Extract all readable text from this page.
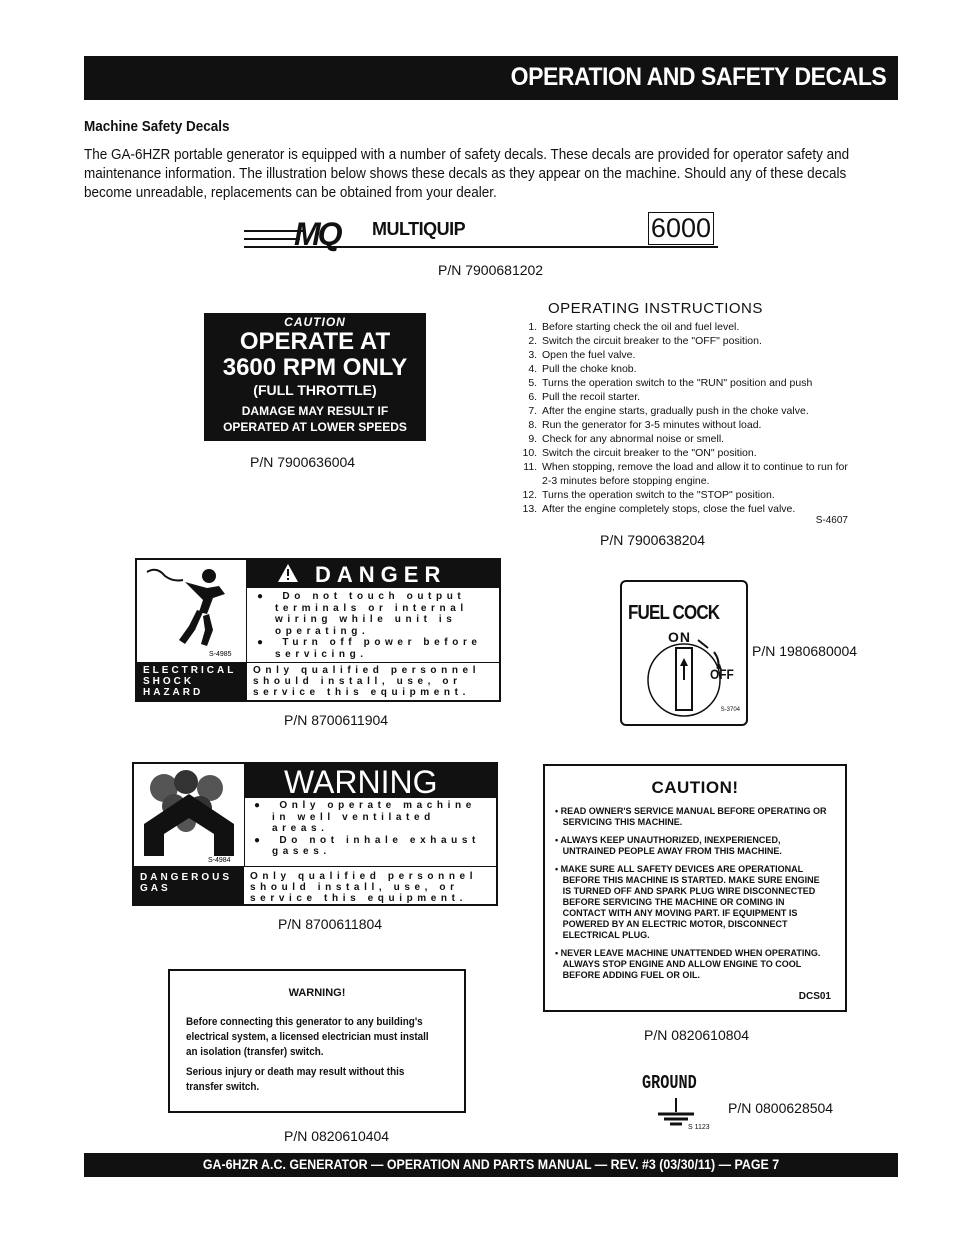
OPERATION AND SAFETY DECALS
Machine Safety Decals
The GA-6HZR portable generator is equipped with a number of safety decals. These decals are provided for operator safety and maintenance information. The illustration below shows these decals as they appear on the machine. Should any of these decals become unreadable, replacements can be obtained from your dealer.
MQ MULTIQUIP	6000
P/N 7900681202
CAUTION
OPERATE AT
3600 RPM ONLY
(FULL THROTTLE)
DAMAGE MAY RESULT IF
OPERATED AT LOWER SPEEDS
P/N 7900636004
OPERATING INSTRUCTIONS
1. Before starting check the oil and fuel level.
2. Switch the circuit breaker to the "OFF" position.
3. Open the fuel valve.
4. Pull the choke knob.
5. Turns the operation switch to the "RUN" position and push
6. Pull the recoil starter.
7. After the engine starts, gradually push in the choke valve.
8. Run the generator for 3-5 minutes without load.
9. Check for any abnormal noise or smell.
10. Switch the circuit breaker to the "ON" position.
11. When stopping, remove the load and allow it to continue to run for 2-3 minutes before stopping engine.
12. Turns the operation switch to the "STOP" position.
13. After the engine completely stops, close the fuel valve.
S-4607
P/N 7900638204
S-4985
ELECTRICAL SHOCK HAZARD
DANGER
●  Do not touch output terminals or internal wiring while unit is operating.
●  Turn off power before servicing.
Only qualified personnel should install, use, or service this equipment.
P/N 8700611904
FUEL COCK
ON
OFF
S-3704
P/N 1980680004
S-4984
DANGEROUS GAS
WARNING
●  Only operate machine in well ventilated areas.
●  Do not inhale exhaust gases.
Only qualified personnel should install, use, or service this equipment.
P/N 8700611804
CAUTION!
• READ OWNER'S SERVICE MANUAL BEFORE OPERATING OR SERVICING THIS MACHINE.
• ALWAYS KEEP UNAUTHORIZED, INEXPERIENCED, UNTRAINED PEOPLE AWAY FROM THIS MACHINE.
• MAKE SURE ALL SAFETY DEVICES ARE OPERATIONAL BEFORE THIS MACHINE IS STARTED. MAKE SURE ENGINE IS TURNED OFF AND SPARK PLUG WIRE DISCONNECTED BEFORE SERVICING THE MACHINE OR COMING IN CONTACT WITH ANY MOVING PART. IF EQUIPMENT IS POWERED BY AN ELECTRIC MOTOR, DISCONNECT ELECTRICAL PLUG.
• NEVER LEAVE MACHINE UNATTENDED WHEN OPERATING. ALWAYS STOP ENGINE AND ALLOW ENGINE TO COOL BEFORE ADDING FUEL OR OIL.
DCS01
P/N 0820610804
WARNING!

Before connecting this generator to any building's electrical system, a licensed electrician must install an isolation (transfer) switch.

Serious injury or death may result without this transfer switch.

P/N 0820610404
GROUND
S 1123
P/N 0800628504
GA-6HZR A.C. GENERATOR — OPERATION AND PARTS MANUAL — REV. #3 (03/30/11) — PAGE 7
